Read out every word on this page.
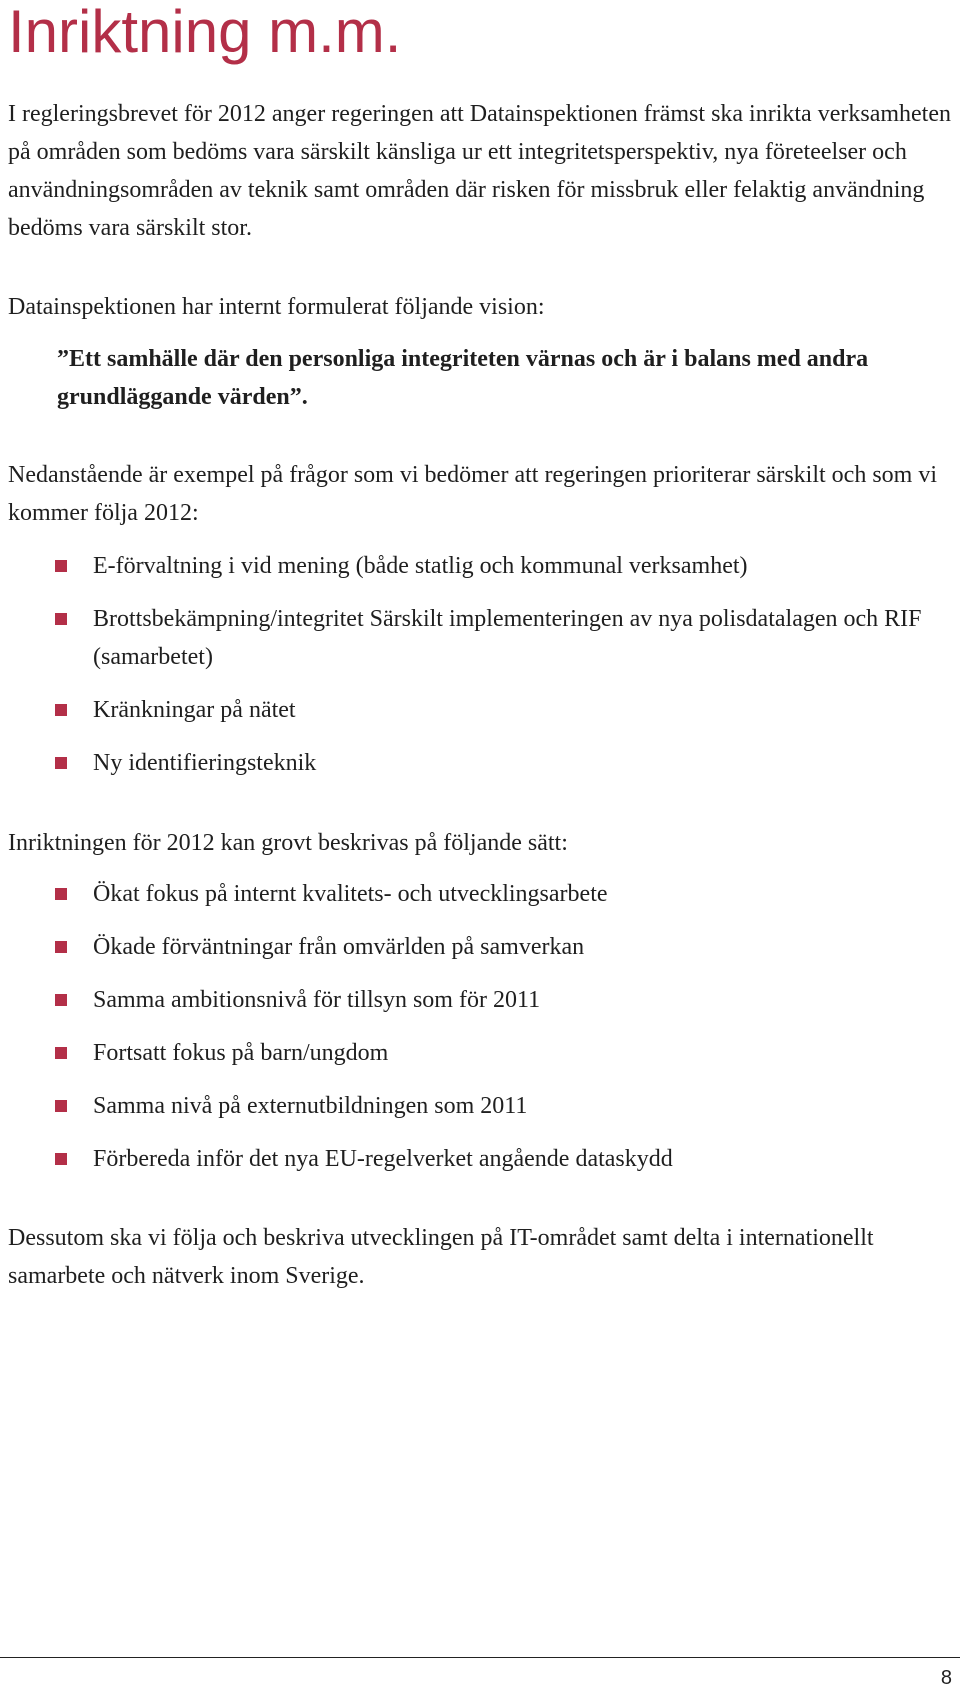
Inriktning m.m.

I regleringsbrevet för 2012 anger regeringen att Datainspektionen främst ska inrikta verksamheten på områden som bedöms vara särskilt känsliga ur ett integritetsperspektiv, nya företeelser och användningsområden av teknik samt områden där risken för missbruk eller felaktig användning bedöms vara särskilt stor.

Datainspektionen har internt formulerat följande vision:

”Ett samhälle där den personliga integriteten värnas och är i balans med andra grundläggande värden”.

Nedanstående är exempel på frågor som vi bedömer att regeringen prioriterar särskilt och som vi kommer följa 2012:

E-förvaltning i vid mening (både statlig och kommunal verksamhet)
Brottsbekämpning/integritet Särskilt implementeringen av nya polisdatalagen och RIF (samarbetet)
Kränkningar på nätet
Ny identifieringsteknik

Inriktningen för 2012 kan grovt beskrivas på följande sätt:

Ökat fokus på internt kvalitets- och utvecklingsarbete
Ökade förväntningar från omvärlden på samverkan
Samma ambitionsnivå för tillsyn som för 2011
Fortsatt fokus på barn/ungdom
Samma nivå på externutbildningen som 2011
Förbereda inför det nya EU-regelverket angående dataskydd

Dessutom ska vi följa och beskriva utvecklingen på IT-området samt delta i internationellt samarbete och nätverk inom Sverige.

8
